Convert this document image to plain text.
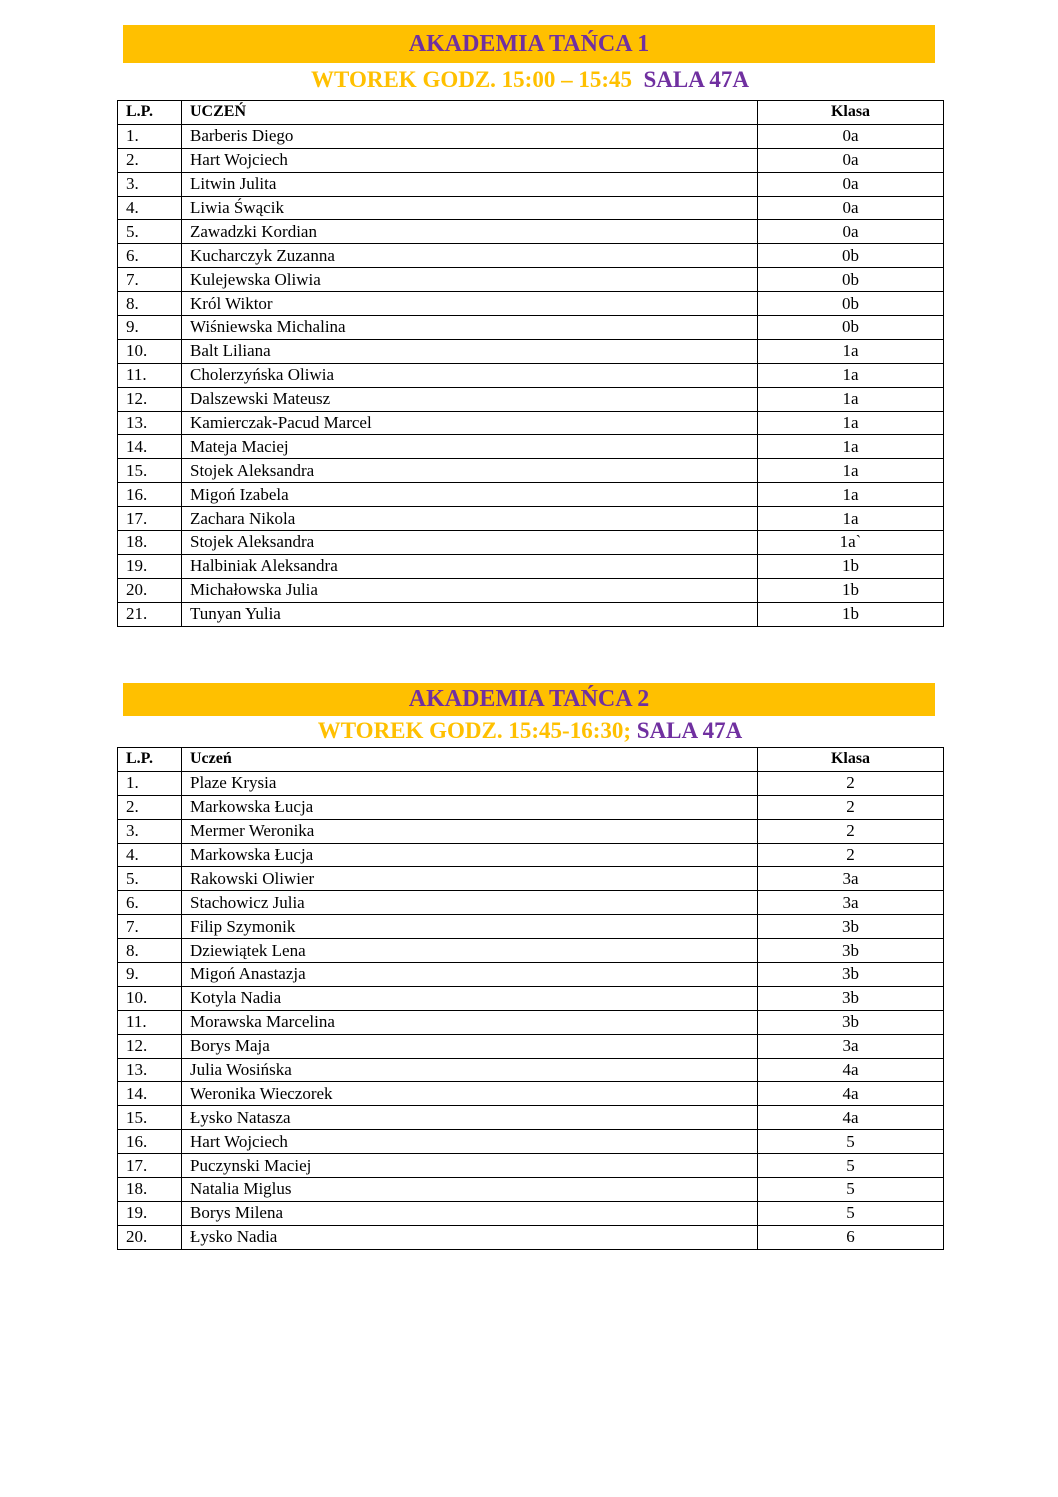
AKADEMIA TAŃCA 1
WTOREK GODZ. 15:00 – 15:45 SALA 47A
L.P.	UCZEŃ	Klasa
1.	Barberis Diego	0a
2.	Hart Wojciech	0a
3.	Litwin Julita	0a
4.	Liwia Śwącik	0a
5.	Zawadzki Kordian	0a
6.	Kucharczyk Zuzanna	0b
7.	Kulejewska Oliwia	0b
8.	Król Wiktor	0b
9.	Wiśniewska Michalina	0b
10.	Balt Liliana	1a
11.	Cholerzyńska Oliwia	1a
12.	Dalszewski Mateusz	1a
13.	Kamierczak-Pacud Marcel	1a
14.	Mateja Maciej	1a
15.	Stojek Aleksandra	1a
16.	Migoń Izabela	1a
17.	Zachara Nikola	1a
18.	Stojek Aleksandra	1a`
19.	Halbiniak Aleksandra	1b
20.	Michałowska Julia	1b
21.	Tunyan Yulia	1b
AKADEMIA TAŃCA 2
WTOREK GODZ. 15:45-16:30; SALA 47A
L.P.	Uczeń	Klasa
1.	Plaze Krysia	2
2.	Markowska Łucja	2
3.	Mermer Weronika	2
4.	Markowska Łucja	2
5.	Rakowski Oliwier	3a
6.	Stachowicz Julia	3a
7.	Filip Szymonik	3b
8.	Dziewiątek Lena	3b
9.	Migoń Anastazja	3b
10.	Kotyla Nadia	3b
11.	Morawska Marcelina	3b
12.	Borys Maja	3a
13.	Julia Wosińska	4a
14.	Weronika Wieczorek	4a
15.	Łysko Natasza	4a
16.	Hart Wojciech	5
17.	Puczynski Maciej	5
18.	Natalia Miglus	5
19.	Borys Milena	5
20.	Łysko Nadia	6
